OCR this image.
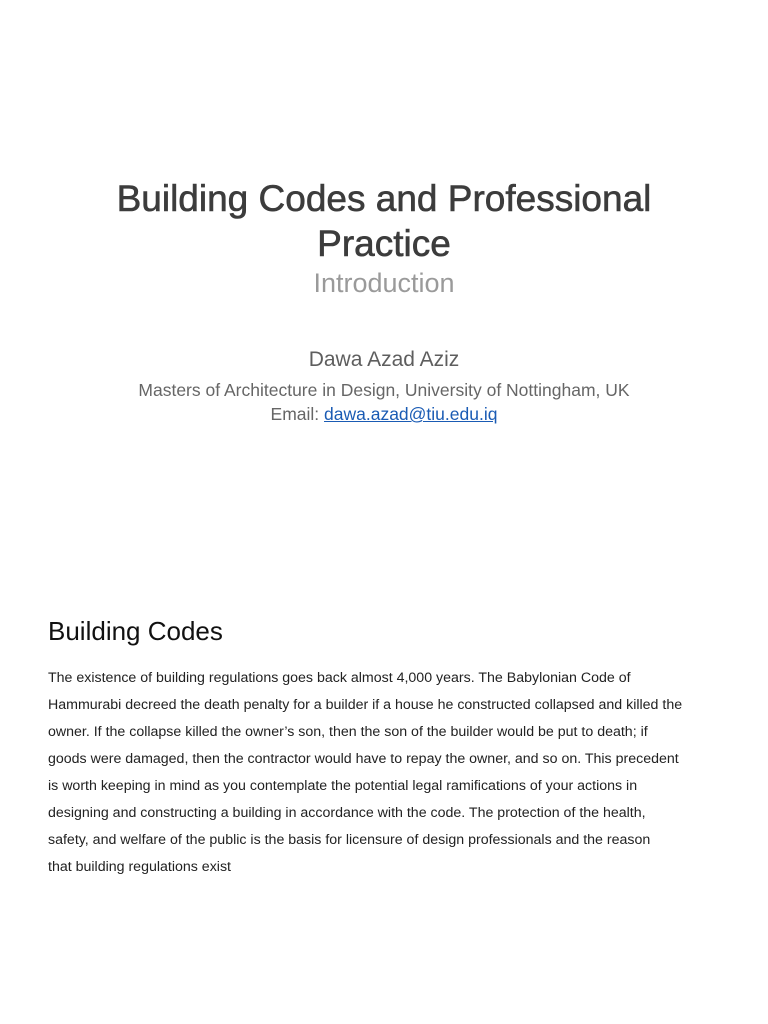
Building Codes and Professional
Practice
Introduction
Dawa Azad Aziz
Masters of Architecture in Design, University of Nottingham, UK
Email: dawa.azad@tiu.edu.iq
Building Codes

The existence of building regulations goes back almost 4,000 years. The Babylonian Code of
Hammurabi decreed the death penalty for a builder if a house he constructed collapsed and killed the
owner. If the collapse killed the owner’s son, then the son of the builder would be put to death; if
goods were damaged, then the contractor would have to repay the owner, and so on. This precedent
is worth keeping in mind as you contemplate the potential legal ramifications of your actions in
designing and constructing a building in accordance with the code. The protection of the health,
safety, and welfare of the public is the basis for licensure of design professionals and the reason
that building regulations exist
